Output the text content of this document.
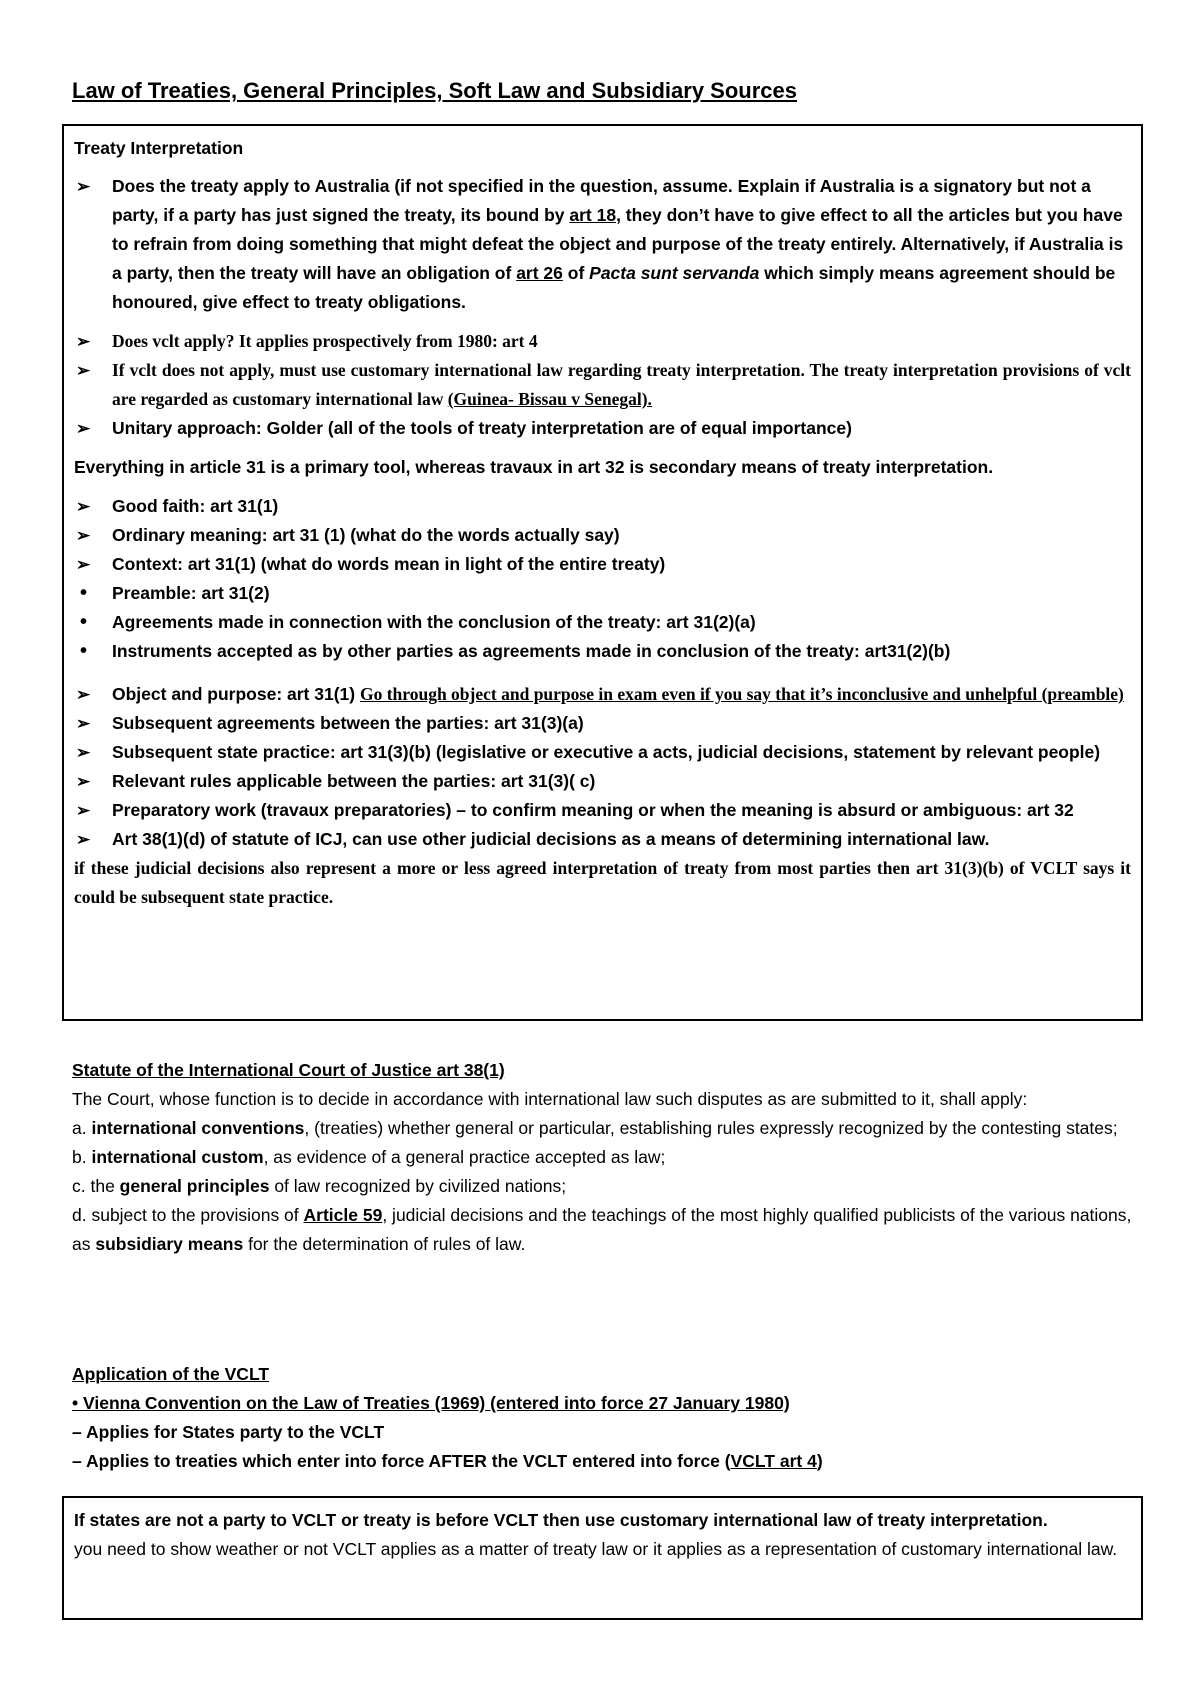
Law of Treaties, General Principles, Soft Law and Subsidiary Sources

Treaty Interpretation

➢	Does the treaty apply to Australia (if not specified in the question, assume. Explain if Australia is a signatory but not a party, if a party has just signed the treaty, its bound by art 18, they don’t have to give effect to all the articles but you have to refrain from doing something that might defeat the object and purpose of the treaty entirely. Alternatively, if Australia is a party, then the treaty will have an obligation of art 26 of Pacta sunt servanda which simply means agreement should be honoured, give effect to treaty obligations.
➢	Does vclt apply? It applies prospectively from 1980: art 4
➢	If vclt does not apply, must use customary international law regarding treaty interpretation. The treaty interpretation provisions of vclt are regarded as customary international law (Guinea- Bissau v Senegal).
➢	Unitary approach: Golder (all of the tools of treaty interpretation are of equal importance)

Everything in article 31 is a primary tool, whereas travaux in art 32 is secondary means of treaty interpretation.

➢	Good faith: art 31(1)
➢	Ordinary meaning: art 31 (1) (what do the words actually say)
➢	Context: art 31(1) (what do words mean in light of the entire treaty)
•	Preamble: art 31(2)
•	Agreements made in connection with the conclusion of the treaty: art 31(2)(a)
•	Instruments accepted as by other parties as agreements made in conclusion of the treaty: art31(2)(b)
➢	Object and purpose: art 31(1) Go through object and purpose in exam even if you say that it’s inconclusive and unhelpful (preamble)
➢	Subsequent agreements between the parties: art 31(3)(a)
➢	Subsequent state practice: art 31(3)(b) (legislative or executive a acts, judicial decisions, statement by relevant people)
➢	Relevant rules applicable between the parties: art 31(3)( c)
➢	Preparatory work (travaux preparatories) – to confirm meaning or when the meaning is absurd or ambiguous: art 32
➢	Art 38(1)(d) of statute of ICJ, can use other judicial decisions as a means of determining international law.

if these judicial decisions also represent a more or less agreed interpretation of treaty from most parties then art 31(3)(b) of VCLT says it could be subsequent state practice.

Statute of the International Court of Justice art 38(1)

The Court, whose function is to decide in accordance with international law such disputes as are submitted to it, shall apply:

a. international conventions, (treaties) whether general or particular, establishing rules expressly recognized by the contesting states;

b. international custom, as evidence of a general practice accepted as law;

c. the general principles of law recognized by civilized nations;

d. subject to the provisions of Article 59, judicial decisions and the teachings of the most highly qualified publicists of the various nations, as subsidiary means for the determination of rules of law.

Application of the VCLT

• Vienna Convention on the Law of Treaties (1969) (entered into force 27 January 1980)

– Applies for States party to the VCLT

– Applies to treaties which enter into force AFTER the VCLT entered into force (VCLT art 4)

If states are not a party to VCLT or treaty is before VCLT then use customary international law of treaty interpretation.

you need to show weather or not VCLT applies as a matter of treaty law or it applies as a representation of customary international law.
